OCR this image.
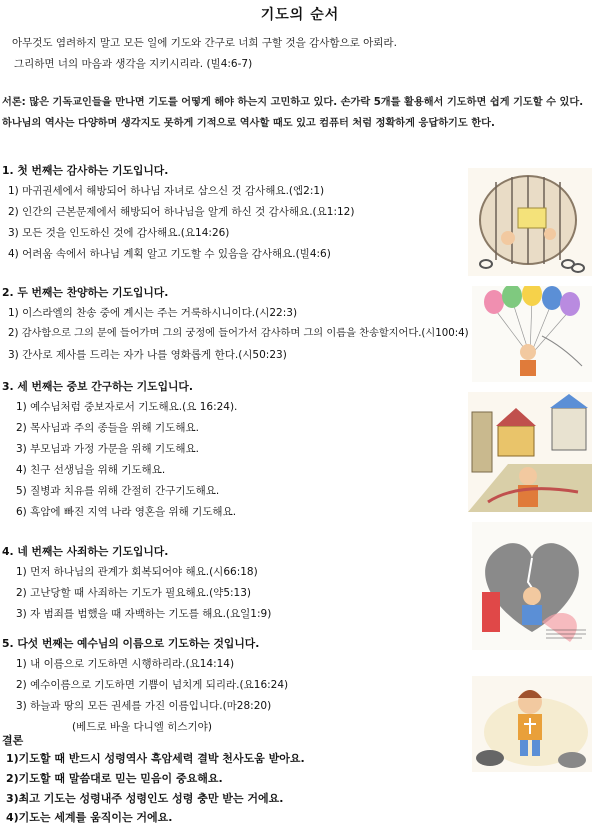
기도의 순서
아무것도 염려하지 말고 모든 일에 기도와 간구로 너희 구할 것을 감사함으로 아뢰라.
그리하면 너의 마음과 생각을 지키시리라. (빌4:6-7)
서론: 많은 기독교인들을 만나면 기도를 어떻게 해야 하는지 고민하고 있다. 손가락 5개를 활용해서 기도하면 쉽게 기도할 수 있다. 하나님의 역사는 다양하며 생각지도 못하게 기적으로 역사할 때도 있고 컴퓨터 처럼 정확하게 응답하기도 한다.
1. 첫 번째는 감사하는 기도입니다.
1) 마귀권세에서 해방되어 하나님 자녀로 삼으신 것 감사해요.(엡2:1)
2) 인간의 근본문제에서 해방되어 하나님을 알게 하신 것 감사해요.(요1:12)
3) 모든 것을 인도하신 것에 감사해요.(요14:26)
4) 어려움 속에서 하나님 계획 알고 기도할 수 있음을 감사해요.(빌4:6)
2. 두 번째는 찬양하는 기도입니다.
1) 이스라엘의 찬송 중에 계시는 주는 거룩하시니이다.(시22:3)
2) 감사함으로 그의 문에 들어가며 그의 궁정에 들어가서 감사하며 그의 이름을 찬송할지어다.(시100:4)
3) 간사로 제사를 드리는 자가 나를 영화롭게 한다.(시50:23)
3. 세 번째는 중보 간구하는 기도입니다.
1) 예수님처럼 중보자로서 기도해요.(요 16:24).
2) 목사님과 주의 종들을 위해 기도해요.
3) 부모님과 가정 가문을 위해 기도해요.
4) 친구 선생님을 위해 기도해요.
5) 질병과 치유를 위해 간절히 간구기도해요.
6) 흑암에 빠진 지역 나라 영혼을 위해 기도해요.
4. 네 번째는 사죄하는 기도입니다.
1) 먼저 하나님의 관계가 회복되어야 해요.(시66:18)
2) 고난당할 때 사죄하는 기도가 필요해요.(약5:13)
3) 자 범죄를 범했을 때 자백하는 기도를 해요.(요일1:9)
5. 다섯 번째는 예수님의 이름으로 기도하는 것입니다.
1) 내 이름으로 기도하면 시행하리라.(요14:14)
2) 예수이름으로 기도하면 기쁨이 넘치게 되리라.(요16:24)
3) 하늘과 땅의 모든 권세를 가진 이름입니다.(마28:20)
(베드로 바울 다니엘 히스기야)
결론
1)기도할 때 반드시 성령역사 흑암세력 결박 천사도움 받아요.
2)기도할 때 말씀대로 믿는 믿음이 중요해요.
3)최고 기도는 성령내주 성령인도 성령 충만 받는 거에요.
4)기도는 세계를 움직이는 거에요.
